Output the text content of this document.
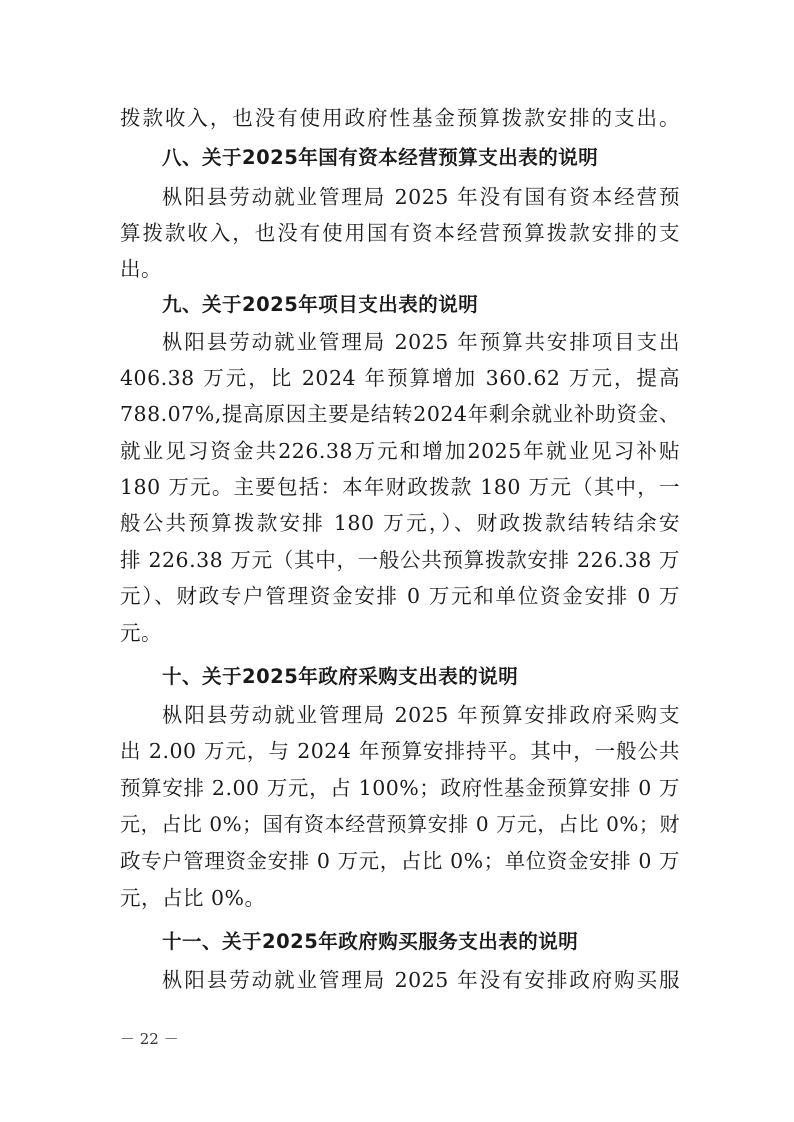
拨款收入，也没有使用政府性基金预算拨款安排的支出。
八、关于2025年国有资本经营预算支出表的说明
枞阳县劳动就业管理局 2025 年没有国有资本经营预
算拨款收入，也没有使用国有资本经营预算拨款安排的支
出。
九、关于2025年项目支出表的说明
枞阳县劳动就业管理局 2025 年预算共安排项目支出
406.38 万元，比 2024 年预算增加 360.62 万元，提高
788.07%,提高原因主要是结转2024年剩余就业补助资金、
就业见习资金共226.38万元和增加2025年就业见习补贴
180 万元。主要包括：本年财政拨款 180 万元（其中，一
般公共预算拨款安排 180 万元，）、财政拨款结转结余安
排 226.38 万元（其中，一般公共预算拨款安排 226.38 万
元）、财政专户管理资金安排 0 万元和单位资金安排 0 万
元。
十、关于2025年政府采购支出表的说明
枞阳县劳动就业管理局 2025 年预算安排政府采购支
出 2.00 万元，与 2024 年预算安排持平。其中，一般公共
预算安排 2.00 万元，占 100%；政府性基金预算安排 0 万
元，占比 0%；国有资本经营预算安排 0 万元，占比 0%；财
政专户管理资金安排 0 万元，占比 0%；单位资金安排 0 万
元，占比 0%。
十一、关于2025年政府购买服务支出表的说明
枞阳县劳动就业管理局 2025 年没有安排政府购买服
－ 22 －
